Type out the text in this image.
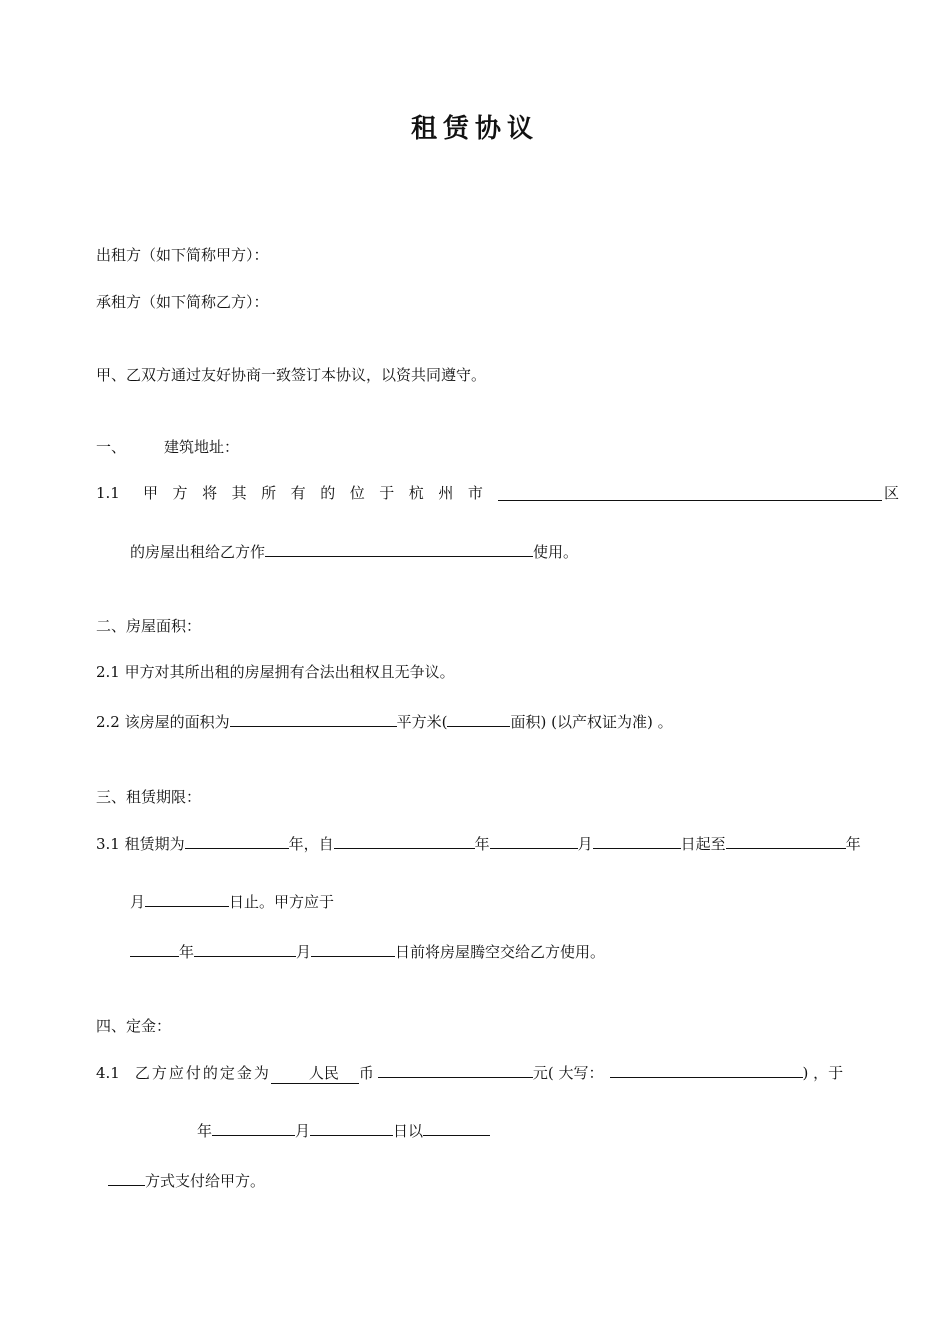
租赁协议
出租方（如下简称甲方）：
承租方（如下简称乙方）：
甲、乙双方通过友好协商一致签订本协议，以资共同遵守。
一、	建筑地址：
1.1 甲 方 将 其 所 有 的 位 于 杭 州 市	区
的房屋出租给乙方作	使用。
二、房屋面积：
2.1 甲方对其所出租的房屋拥有合法出租权且无争议。
2.2 该房屋的面积为	平方米(	面积) (以产权证为准) 。
三、租赁期限：
3.1 租赁期为	年，自	年	月	日起至	年
月	日止。甲方应于
年	月	日前将房屋腾空交给乙方使用。
四、定金：
4.1 乙方应付的定金为	人民 币	元( 大写：	) ，于
年	月	日以
方式支付给甲方。
